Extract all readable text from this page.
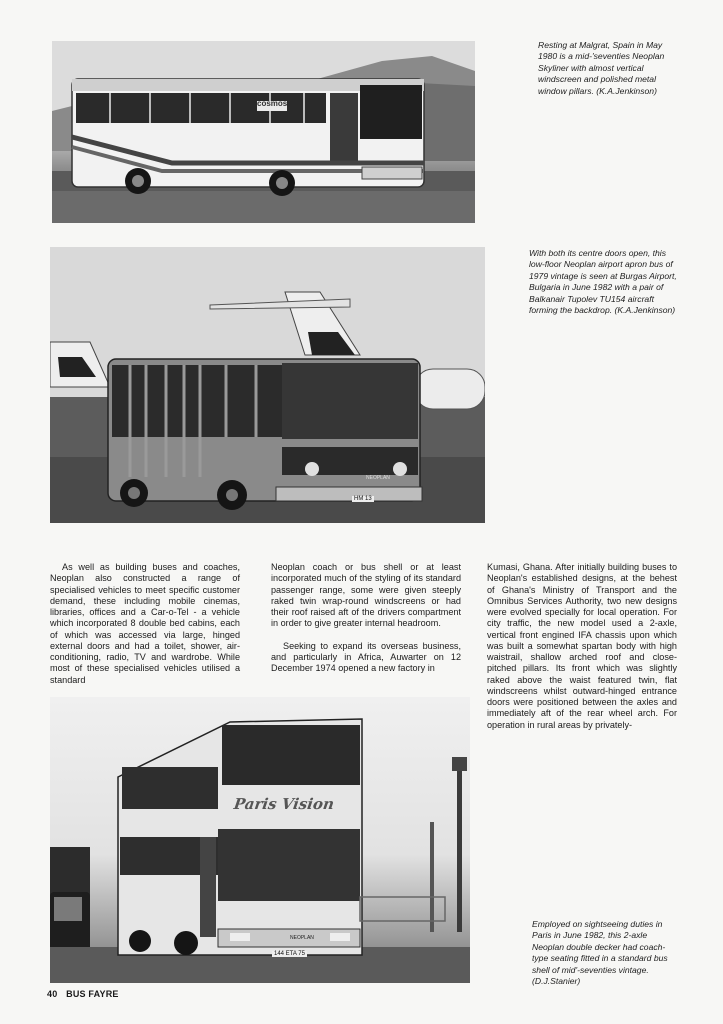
cosmos
Resting at Malgrat, Spain in May 1980 is a mid-'seventies Neoplan Skyliner with almost vertical windscreen and polished metal window pillars. (K.A.Jenkinson)
NEOPLAN
HM 13
With both its centre doors open, this low-floor Neoplan airport apron bus of 1979 vintage is seen at Burgas Airport, Bulgaria in June 1982 with a pair of Balkanair Tupolev TU154 aircraft forming the backdrop. (K.A.Jenkinson)

As well as building buses and coaches, Neoplan also constructed a range of specialised vehicles to meet specific customer demand, these including mobile cinemas, libraries, offices and a Car-o-Tel - a vehicle which incorporated 8 double bed cabins, each of which was accessed via large, hinged external doors and had a toilet, shower, air-conditioning, radio, TV and wardrobe. While most of these specialised vehicles utilised a standard

Neoplan coach or bus shell or at least incorporated much of the styling of its standard passenger range, some were given steeply raked twin wrap-round windscreens or had their roof raised aft of the drivers compartment in order to give greater internal headroom.

Seeking to expand its overseas business, and particularly in Africa, Auwarter on 12 December 1974 opened a new factory in

Kumasi, Ghana. After initially building buses to Neoplan's established designs, at the behest of Ghana's Ministry of Transport and the Omnibus Services Authority, two new designs were evolved specially for local operation. For city traffic, the new model used a 2-axle, vertical front engined IFA chassis upon which was built a somewhat spartan body with high waistrail, shallow arched roof and close-pitched pillars. Its front which was slightly raked above the waist featured twin, flat windscreens whilst outward-hinged entrance doors were positioned between the axles and immediately aft of the rear wheel arch. For operation in rural areas by privately-

Paris Vision
NEOPLAN
144 ETA 75
Employed on sightseeing duties in Paris in June 1982, this 2-axle Neoplan double decker had coach-type seating fitted in a standard bus shell of mid'-seventies vintage. (D.J.Stanier)
40 BUS FAYRE
